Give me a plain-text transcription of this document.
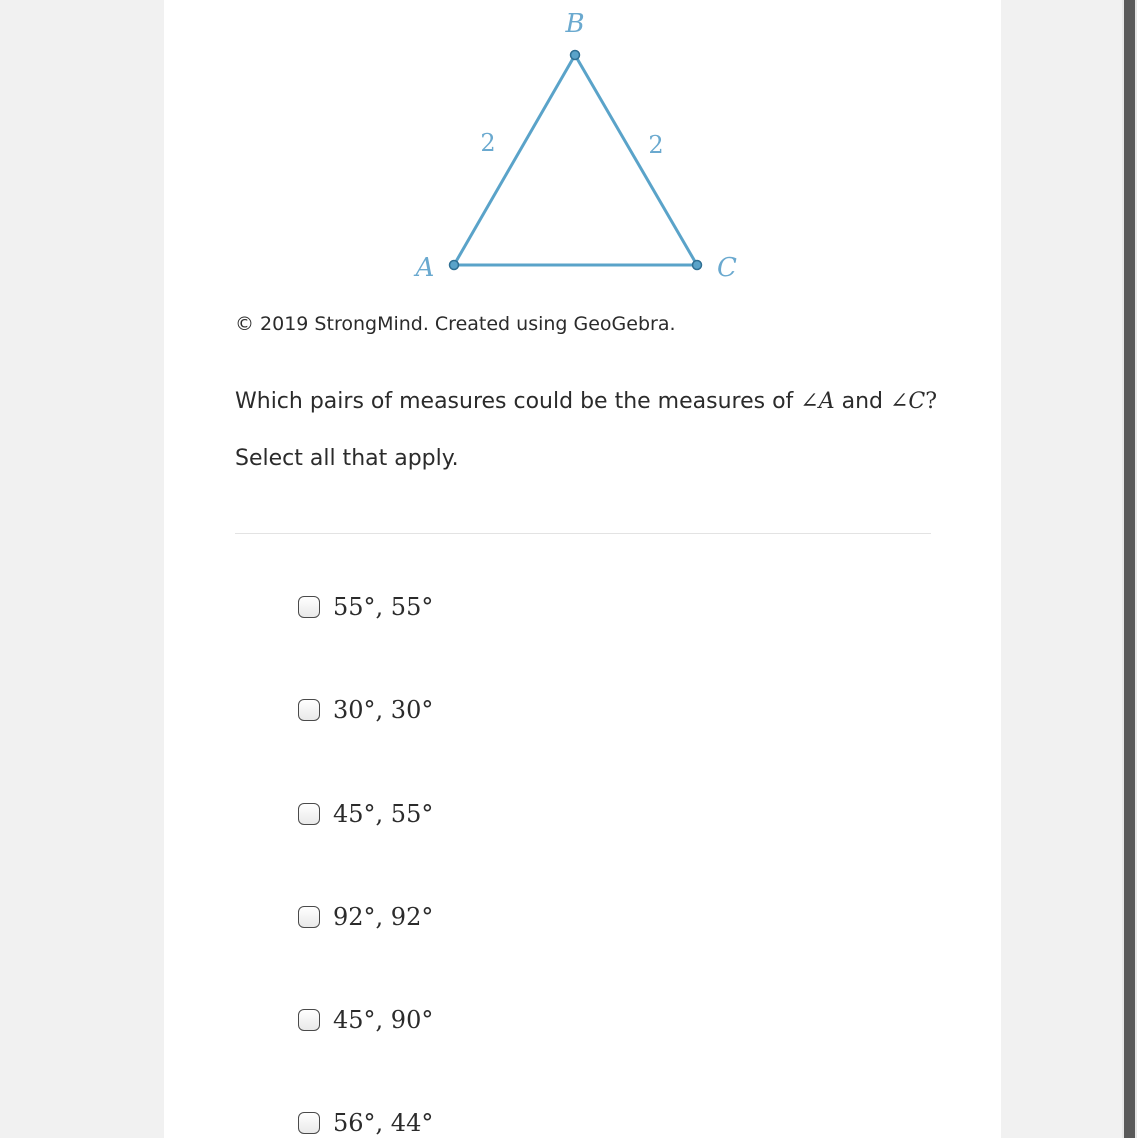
B
A	C
2	2
© 2019 StrongMind. Created using GeoGebra.
Which pairs of measures could be the measures of ∠A and ∠C?
Select all that apply.
55°, 55°
30°, 30°
45°, 55°
92°, 92°
45°, 90°
56°, 44°
